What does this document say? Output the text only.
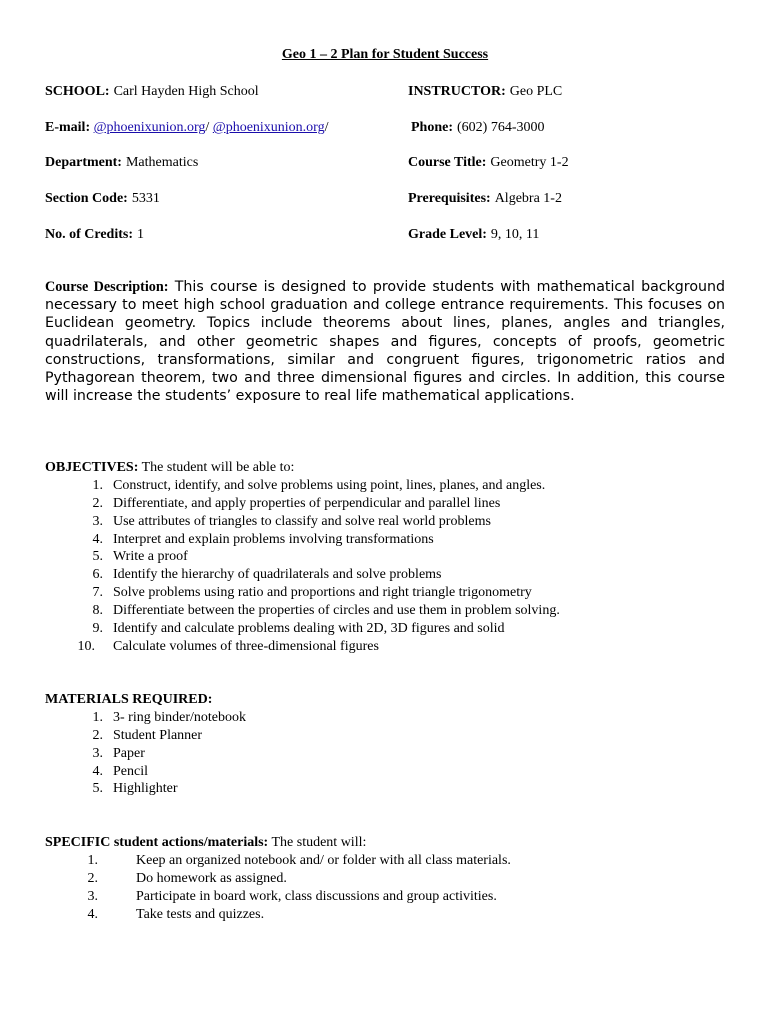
Geo 1 – 2 Plan for Student Success
SCHOOL: Carl Hayden High School	INSTRUCTOR: Geo PLC
E-mail: @phoenixunion.org/ @phoenixunion.org/	Phone: (602) 764-3000
Department: Mathematics	Course Title: Geometry 1-2
Section Code: 5331	Prerequisites: Algebra 1-2
No. of Credits: 1	Grade Level: 9, 10, 11
Course Description: This course is designed to provide students with mathematical background necessary to meet high school graduation and college entrance requirements. This focuses on Euclidean geometry. Topics include theorems about lines, planes, angles and triangles, quadrilaterals, and other geometric shapes and figures, concepts of proofs, geometric constructions, transformations, similar and congruent figures, trigonometric ratios and Pythagorean theorem, two and three dimensional figures and circles. In addition, this course will increase the students’ exposure to real life mathematical applications.
OBJECTIVES: The student will be able to:
1. Construct, identify, and solve problems using point, lines, planes, and angles.
2. Differentiate, and apply properties of perpendicular and parallel lines
3. Use attributes of triangles to classify and solve real world problems
4. Interpret and explain problems involving transformations
5. Write a proof
6. Identify the hierarchy of quadrilaterals and solve problems
7. Solve problems using ratio and proportions and right triangle trigonometry
8. Differentiate between the properties of circles and use them in problem solving.
9. Identify and calculate problems dealing with 2D, 3D figures and solid
10. Calculate volumes of three-dimensional figures
MATERIALS REQUIRED:
1. 3- ring binder/notebook
2. Student Planner
3. Paper
4. Pencil
5. Highlighter
SPECIFIC student actions/materials: The student will:
1.	Keep an organized notebook and/ or folder with all class materials.
2.	Do homework as assigned.
3.	Participate in board work, class discussions and group activities.
4.	Take tests and quizzes.
